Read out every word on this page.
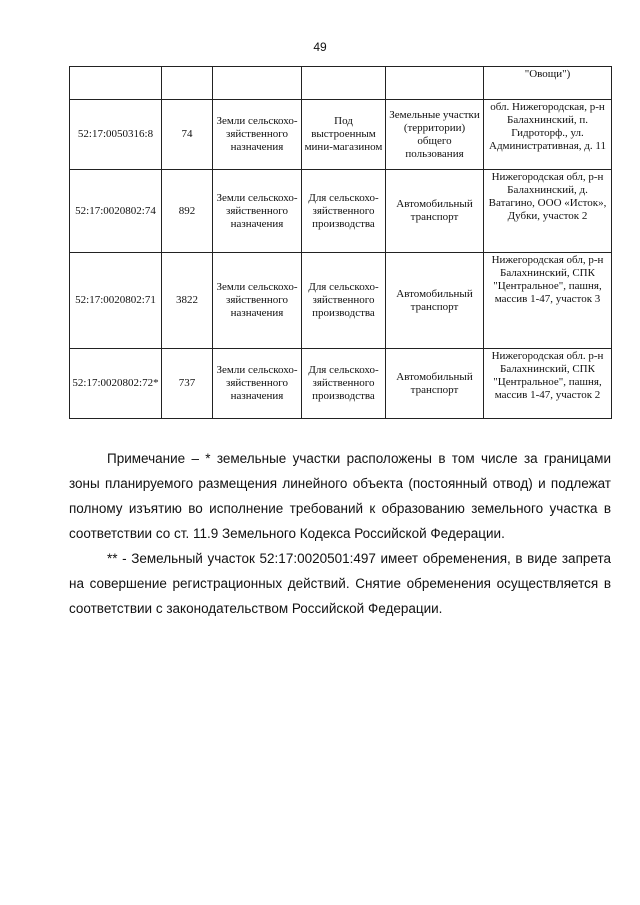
49
					"Овощи")
52:17:0050316:8	74	Земли сельскохо-зяйственного назначения	Под выстроенным мини-магазином	Земельные участки (территории) общего пользования	обл. Нижегородская, р-н Балахнинский, п. Гидроторф., ул. Административная, д. 11
52:17:0020802:74	892	Земли сельскохо-зяйственного назначения	Для сельскохо-зяйственного производства	Автомобильный транспорт	Нижегородская обл, р-н Балахнинский, д. Ватагино, ООО «Исток», Дубки, участок 2
52:17:0020802:71	3822	Земли сельскохо-зяйственного назначения	Для сельскохо-зяйственного производства	Автомобильный транспорт	Нижегородская обл, р-н Балахнинский, СПК "Центральное", пашня, массив 1-47, участок 3
52:17:0020802:72*	737	Земли сельскохо-зяйственного назначения	Для сельскохо-зяйственного производства	Автомобильный транспорт	Нижегородская обл. р-н Балахнинский, СПК "Центральное", пашня, массив 1-47, участок 2

Примечание – * земельные участки расположены в том числе за границами зоны планируемого размещения линейного объекта (постоянный отвод) и подлежат полному изъятию во исполнение требований к образованию земельного участка в соответствии со ст. 11.9 Земельного Кодекса Российской Федерации.

** - Земельный участок 52:17:0020501:497 имеет обременения, в виде запрета на совершение регистрационных действий. Снятие обременения осуществляется в соответствии с законодательством Российской Федерации.
